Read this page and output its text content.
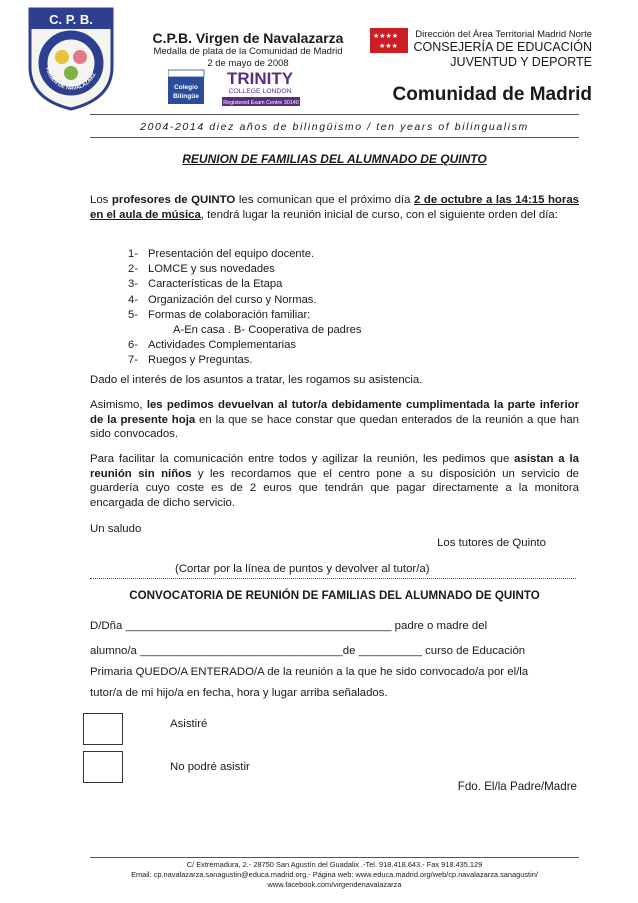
C. P. B.
VIRGEN DE NAVALAZARZ
C.P.B. Virgen de Navalazarza
Medalla de plata de la Comunidad de Madrid
2 de mayo de 2008
Colegio
Bilingüe
TRINITY
COLLEGE LONDON
Registered Exam Centre 30140
★★★★
★★★
Dirección del Área Territorial Madrid Norte
CONSEJERÍA DE EDUCACIÓN
JUVENTUD Y DEPORTE
Comunidad de Madrid
2004-2014 diez años de bilingüismo / ten years of bilingualism
REUNION DE FAMILIAS DEL ALUMNADO DE QUINTO
Los profesores de QUINTO les comunican que el próximo día 2 de octubre a las 14:15 horas en el aula de música, tendrá lugar la reunión inicial de curso, con el siguiente orden del día:
1- Presentación del equipo docente.
2- LOMCE y sus novedades
3- Características de la Etapa
4- Organización del curso y Normas.
5- Formas de colaboración familiar:
A-En casa . B- Cooperativa de padres
6- Actividades Complementarias
7- Ruegos y Preguntas.
Dado el interés de los asuntos a tratar, les rogamos su asistencia.
Asimismo, les pedimos devuelvan al tutor/a debidamente cumplimentada la parte inferior de la presente hoja en la que se hace constar que quedan enterados de la reunión a que han sido convocados.
Para facilitar la comunicación entre todos y agilizar la reunión, les pedimos que asistan a la reunión sin niños y les recordamos que el centro pone a su disposición un servicio de guardería cuyo coste es de 2 euros que tendrán que pagar directamente a la monitora encargada de dicho servicio.
Un saludo
Los tutores de Quinto
(Cortar por la línea de puntos y devolver al tutor/a)
CONVOCATORIA DE REUNIÓN DE FAMILIAS DEL ALUMNADO DE QUINTO
D/Dña __________________________________________ padre o madre del
alumno/a ________________________________de __________ curso de Educación
Primaria QUEDO/A ENTERADO/A de la reunión a la que he sido convocado/a por el/la
tutor/a de mi hijo/a en fecha, hora y lugar arriba señalados.
Asistiré
No podré asistir
Fdo. El/la Padre/Madre
C/ Extremadura, 2.- 28750 San Agustín del Guadalix .-Tel. 918.418.643.- Fax 918.435.129
Email: cp.navalazarza.sanagustin@educa.madrid.org.- Página web: www.educa.madrid.org/web/cp.navalazarza.sanagustin/
www.facebook.com/virgendenavalazarza
